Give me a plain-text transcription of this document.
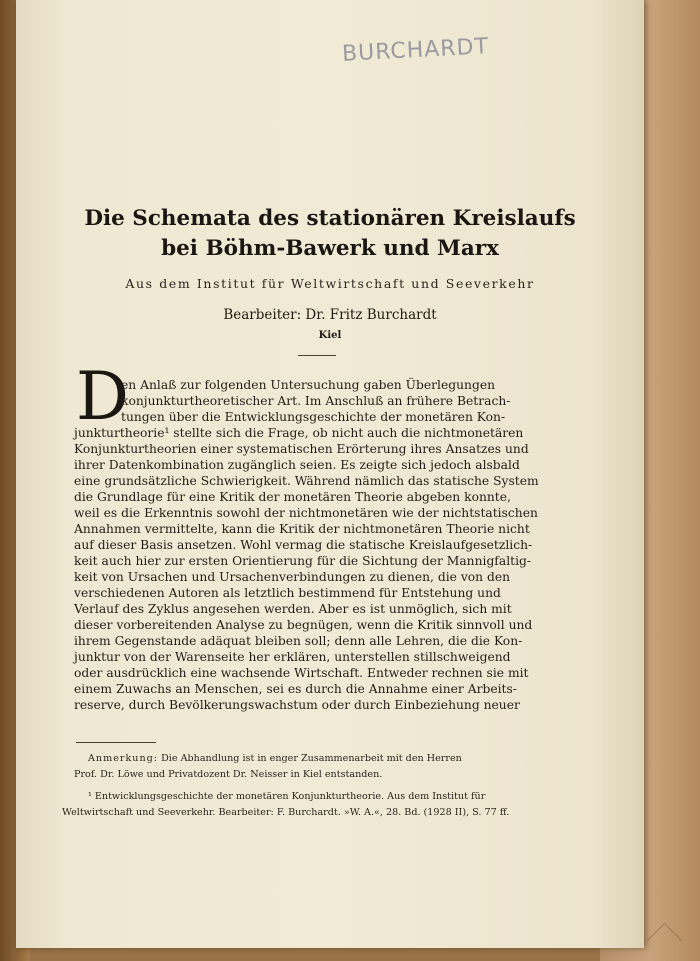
BURCHARDT
Die Schemata des stationären Kreislaufs
bei Böhm-Bawerk und Marx
Aus dem Institut für Weltwirtschaft und Seeverkehr
Bearbeiter: Dr. Fritz Burchardt
Kiel
D
en Anlaß zur folgenden Untersuchung gaben Überlegungen
konjunkturtheoretischer Art. Im Anschluß an frühere Betrach-
tungen über die Entwicklungsgeschichte der monetären Kon-
junkturtheorie¹ stellte sich die Frage, ob nicht auch die nichtmonetären
Konjunkturtheorien einer systematischen Erörterung ihres Ansatzes und
ihrer Datenkombination zugänglich seien. Es zeigte sich jedoch alsbald
eine grundsätzliche Schwierigkeit. Während nämlich das statische System
die Grundlage für eine Kritik der monetären Theorie abgeben konnte,
weil es die Erkenntnis sowohl der nichtmonetären wie der nichtstatischen
Annahmen vermittelte, kann die Kritik der nichtmonetären Theorie nicht
auf dieser Basis ansetzen. Wohl vermag die statische Kreislaufgesetzlich-
keit auch hier zur ersten Orientierung für die Sichtung der Mannigfaltig-
keit von Ursachen und Ursachenverbindungen zu dienen, die von den
verschiedenen Autoren als letztlich bestimmend für Entstehung und
Verlauf des Zyklus angesehen werden. Aber es ist unmöglich, sich mit
dieser vorbereitenden Analyse zu begnügen, wenn die Kritik sinnvoll und
ihrem Gegenstande adäquat bleiben soll; denn alle Lehren, die die Kon-
junktur von der Warenseite her erklären, unterstellen stillschweigend
oder ausdrücklich eine wachsende Wirtschaft. Entweder rechnen sie mit
einem Zuwachs an Menschen, sei es durch die Annahme einer Arbeits-
reserve, durch Bevölkerungswachstum oder durch Einbeziehung neuer
Anmerkung: Die Abhandlung ist in enger Zusammenarbeit mit den Herren
Prof. Dr. Löwe und Privatdozent Dr. Neisser in Kiel entstanden.
¹ Entwicklungsgeschichte der monetären Konjunkturtheorie. Aus dem Institut für
Weltwirtschaft und Seeverkehr. Bearbeiter: F. Burchardt. »W. A.«, 28. Bd. (1928 II), S. 77 ff.
